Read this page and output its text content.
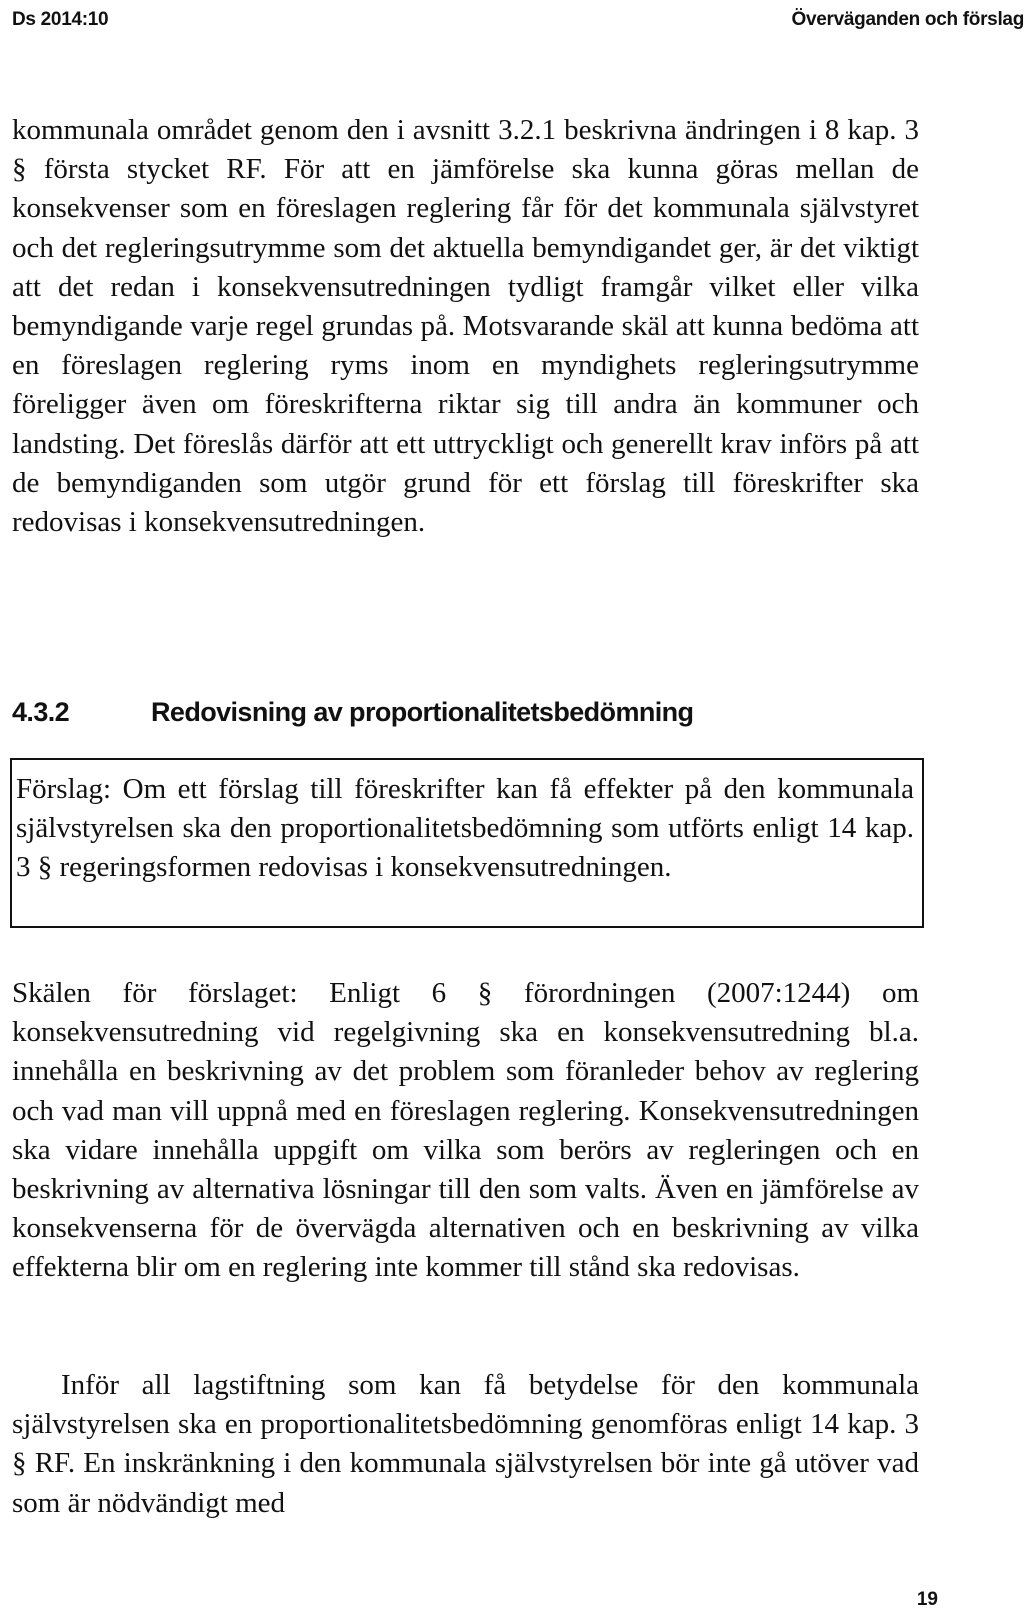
Ds 2014:10	Överväganden och förslag

kommunala området genom den i avsnitt 3.2.1 beskrivna ändringen i 8 kap. 3 § första stycket RF. För att en jämförelse ska kunna göras mellan de konsekvenser som en föreslagen reglering får för det kommunala självstyret och det regleringsutrymme som det aktuella bemyndigandet ger, är det viktigt att det redan i konsekvensutredningen tydligt framgår vilket eller vilka bemyndigande varje regel grundas på. Motsvarande skäl att kunna bedöma att en föreslagen reglering ryms inom en myndighets regleringsutrymme föreligger även om föreskrifterna riktar sig till andra än kommuner och landsting. Det föreslås därför att ett uttryckligt och generellt krav införs på att de bemyndiganden som utgör grund för ett förslag till föreskrifter ska redovisas i konsekvensutredningen.

4.3.2	Redovisning av proportionalitetsbedömning

Förslag: Om ett förslag till föreskrifter kan få effekter på den kommunala självstyrelsen ska den proportionalitetsbedömning som utförts enligt 14 kap. 3 § regeringsformen redovisas i konsekvensutredningen.

Skälen för förslaget: Enligt 6 § förordningen (2007:1244) om konsekvensutredning vid regelgivning ska en konsekvensutredning bl.a. innehålla en beskrivning av det problem som föranleder behov av reglering och vad man vill uppnå med en föreslagen reglering. Konsekvensutredningen ska vidare innehålla uppgift om vilka som berörs av regleringen och en beskrivning av alternativa lösningar till den som valts. Även en jämförelse av konsekvenserna för de övervägda alternativen och en beskrivning av vilka effekterna blir om en reglering inte kommer till stånd ska redovisas.

Inför all lagstiftning som kan få betydelse för den kommunala självstyrelsen ska en proportionalitetsbedömning genomföras enligt 14 kap. 3 § RF. En inskränkning i den kommunala självstyrelsen bör inte gå utöver vad som är nödvändigt med

19
